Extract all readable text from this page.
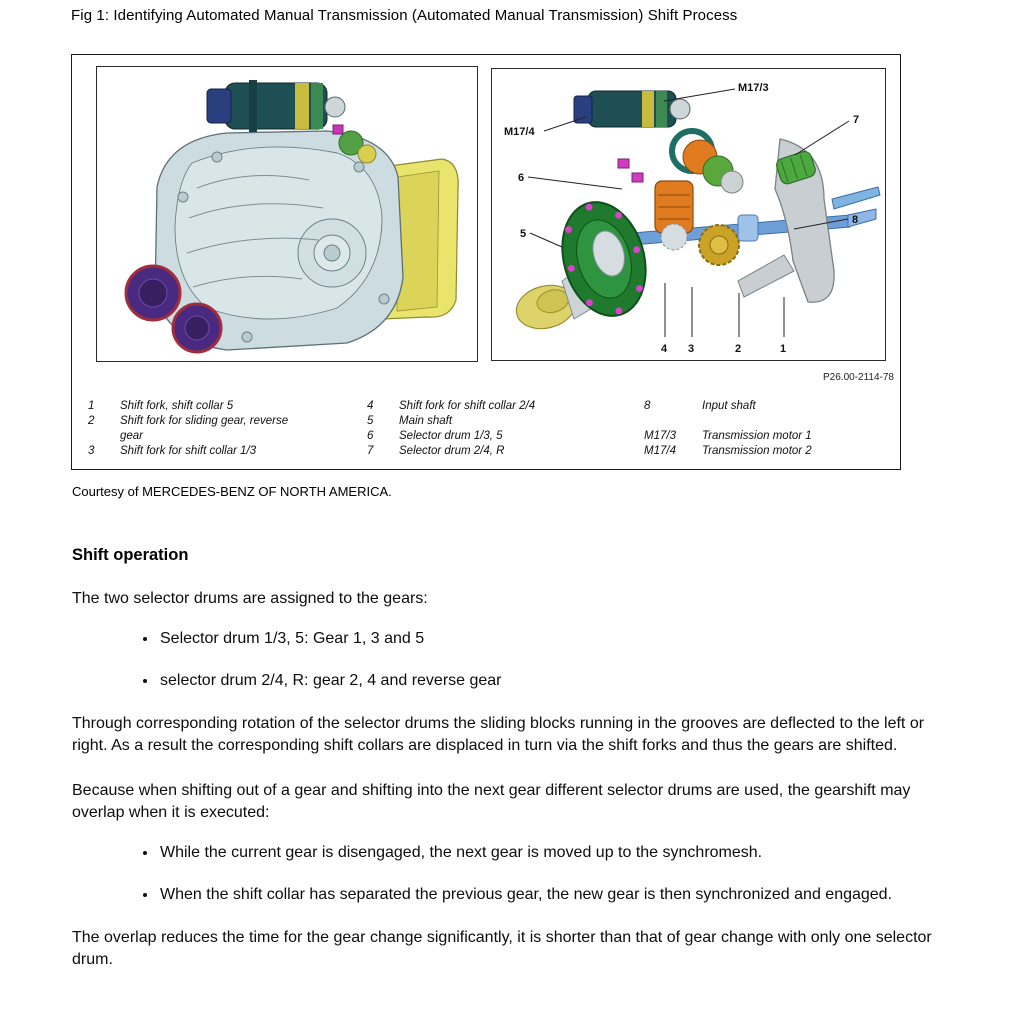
Fig 1: Identifying Automated Manual Transmission (Automated Manual Transmission) Shift Process
M17/3
7
M17/4
6
5
8
4 3	2	1
P26.00-2114-78
1	Shift fork, shift collar 5
2	Shift fork for sliding gear, reverse gear
3	Shift fork for shift collar 1/3
4	Shift fork for shift collar 2/4
5	Main shaft
6	Selector drum 1/3, 5
7	Selector drum 2/4, R
8	Input shaft
M17/3	Transmission motor 1
M17/4	Transmission motor 2
Courtesy of MERCEDES-BENZ OF NORTH AMERICA.
Shift operation

The two selector drums are assigned to the gears:

• Selector drum 1/3, 5: Gear 1, 3 and 5
• selector drum 2/4, R: gear 2, 4 and reverse gear

Through corresponding rotation of the selector drums the sliding blocks running in the grooves are deflected to the left or right. As a result the corresponding shift collars are displaced in turn via the shift forks and thus the gears are shifted.

Because when shifting out of a gear and shifting into the next gear different selector drums are used, the gearshift may overlap when it is executed:

• While the current gear is disengaged, the next gear is moved up to the synchromesh.
• When the shift collar has separated the previous gear, the new gear is then synchronized and engaged.

The overlap reduces the time for the gear change significantly, it is shorter than that of gear change with only one selector drum.
